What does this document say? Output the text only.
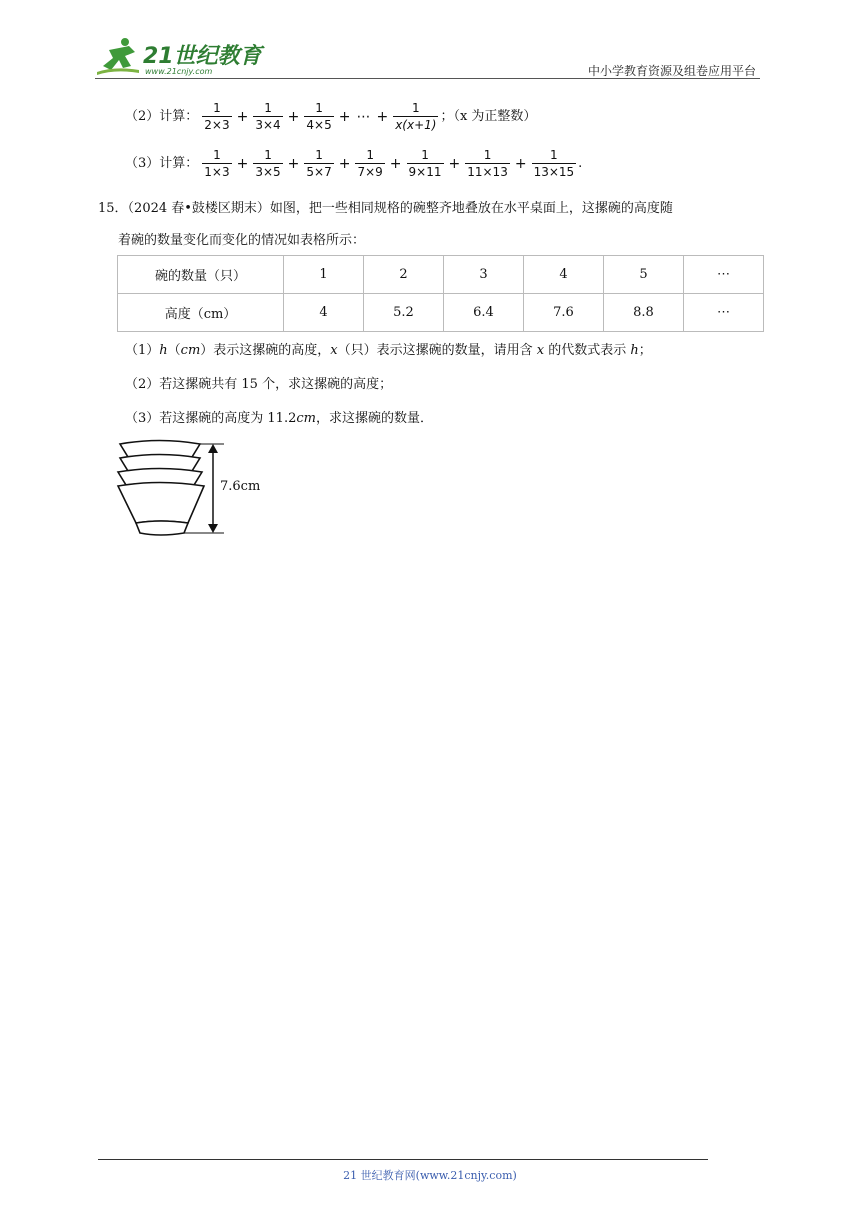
21世纪教育
www.21cnjy.com	中小学教育资源及组卷应用平台
（2）计算： $\frac{1}{2\times 3} + \frac{1}{3\times 4} + \frac{1}{4\times 5}$ + ⋯ + $\frac{1}{x(x+1)}$ ；（x 为正整数）
（3）计算： $\frac{1}{1\times 3} + \frac{1}{3\times 5} + \frac{1}{5\times 7} + \frac{1}{7\times 9} + \frac{1}{9\times 11} + \frac{1}{11\times 13} + \frac{1}{13\times 15}$ .
15．（2024 春•鼓楼区期末）如图，把一些相同规格的碗整齐地叠放在水平桌面上，这摞碗的高度随
着碗的数量变化而变化的情况如表格所示：
碗的数量（只）	1	2	3	4	5	⋯
高度（cm）	4	5.2	6.4	7.6	8.8	⋯
（1）h（cm）表示这摞碗的高度，x（只）表示这摞碗的数量，请用含 x 的代数式表示 h；
（2）若这摞碗共有 15 个，求这摞碗的高度；
（3）若这摞碗的高度为 11.2cm，求这摞碗的数量．
7.6cm
21 世纪教育网(www.21cnjy.com)
